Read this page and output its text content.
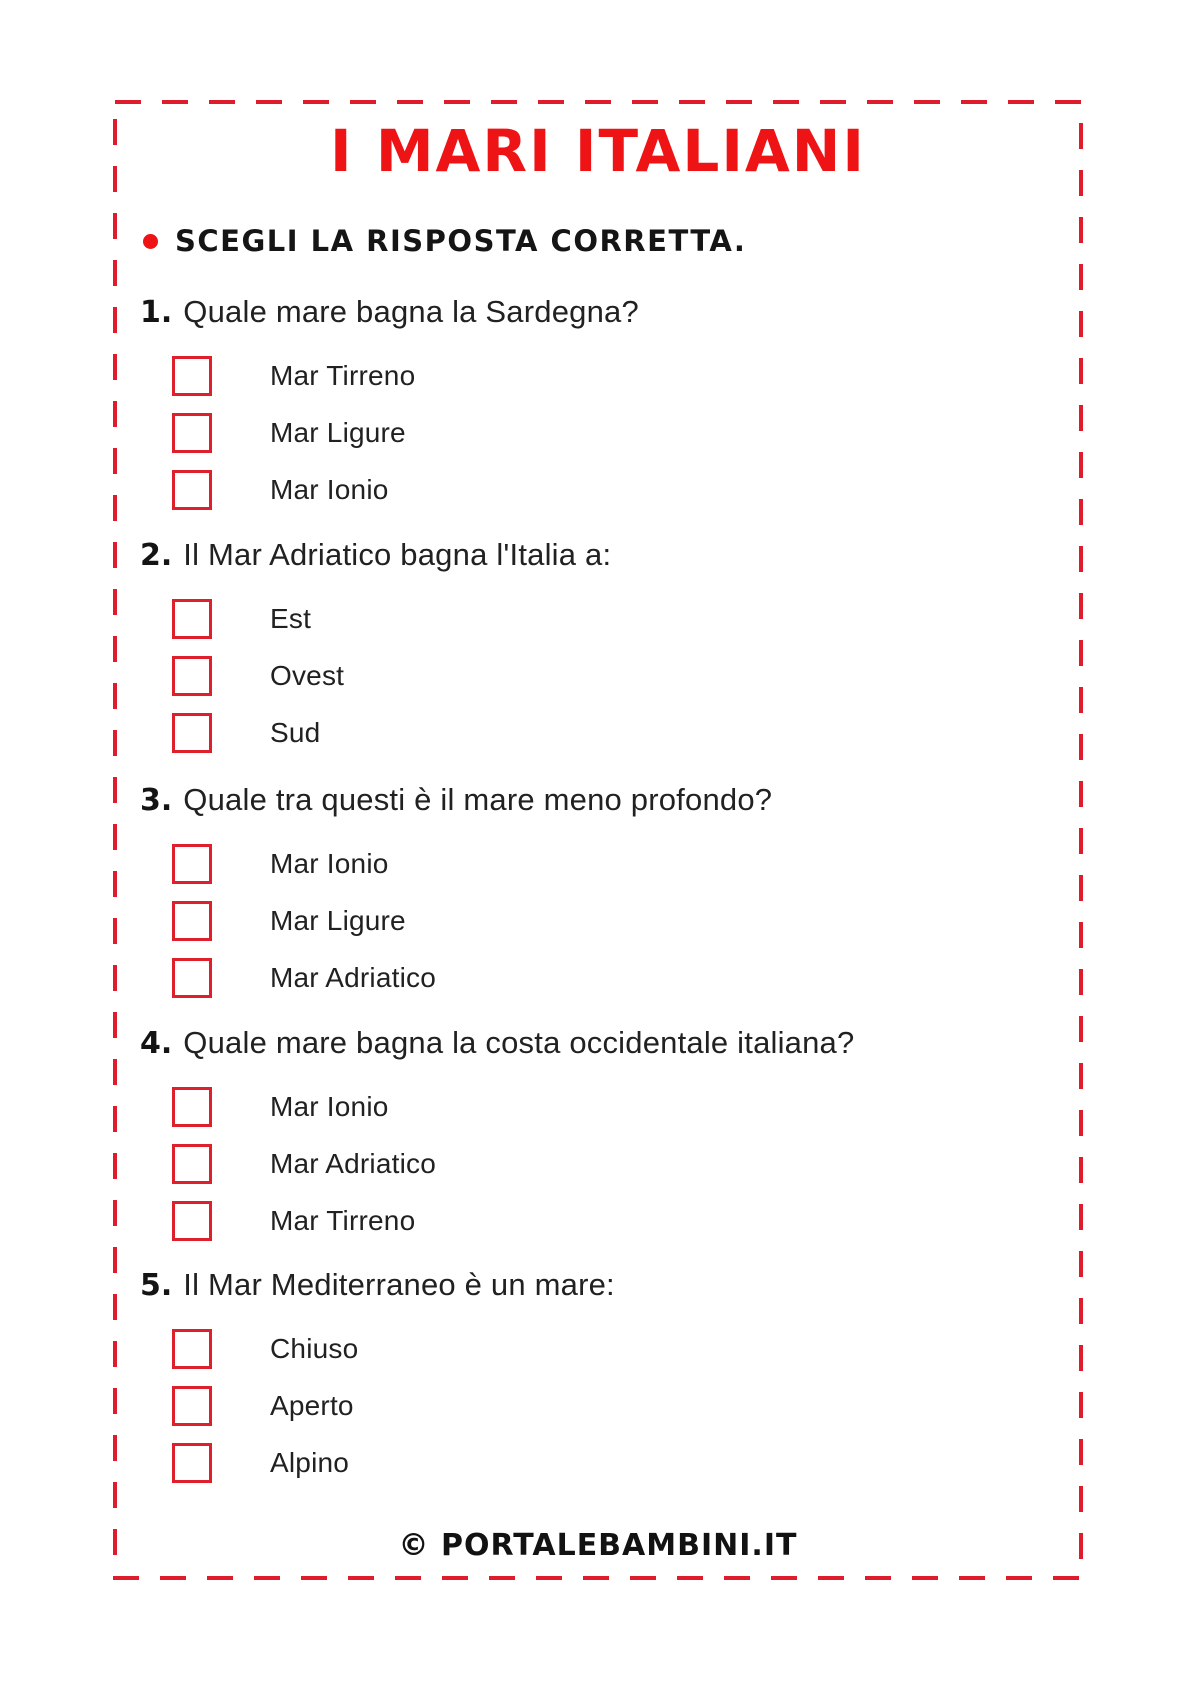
I MARI ITALIANI
SCEGLI LA RISPOSTA CORRETTA.
1. Quale mare bagna la Sardegna?
Mar Tirreno
Mar Ligure
Mar Ionio
2. Il Mar Adriatico bagna l'Italia a:
Est
Ovest
Sud
3. Quale tra questi è il mare meno profondo?
Mar Ionio
Mar Ligure
Mar Adriatico
4. Quale mare bagna la costa occidentale italiana?
Mar Ionio
Mar Adriatico
Mar Tirreno
5. Il Mar Mediterraneo è un mare:
Chiuso
Aperto
Alpino
© PORTALEBAMBINI.IT
